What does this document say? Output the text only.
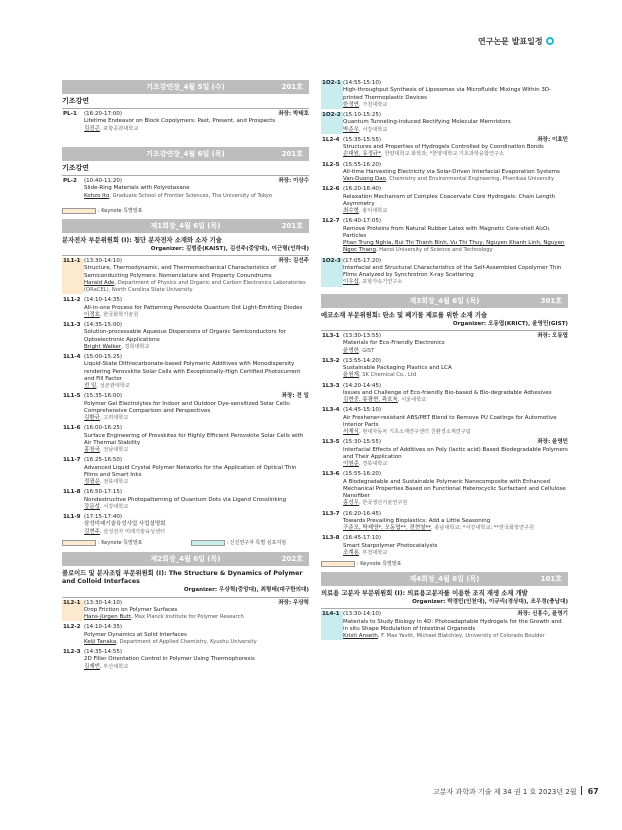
연구논문 발표일정
기조강연장_4월 5일 (수)	201호
기조강연
PL-1	(16:20-17:00)	좌장: 박태호
Lifetime Endeavor on Block Copolymers: Past, Present, and Prospects
김진곤, 포항공과대학교
기조강연장_4월 6일 (목)	201호
기조강연
PL-2	(10:40-11:20)	좌장: 이상수
Slide-Ring Materials with Polyrotaxane
Kohzo Ito, Graduate School of Frontier Sciences, The University of Tokyo
: Keynote 특별발표
제1회장_4월 6일 (목)	201호
분자전자 부문위원회 (I): 첨단 분자전자 소재와 소자 기술
Organizer: 김범준(KAIST), 김선주(중앙대), 이근형(인하대)
1L1-1 (13:30-14:10)	좌장: 김선주
Structure, Thermodynamic, and Thermomechanical Characteristics of Semiconducting Polymers: Nomenclature and Property Conundrums
Harald Ade, Department of Physics and Organic and Carbon Electronics Laboratories (ORaCEL), North Carolina State University
1L1-2 (14:10-14:35)
All-in-one Process for Patterning Perovskite Quantum Dot Light-Emitting Diodes
이정호, 한국화학기술원
1L1-3 (14:35-15:00)
Solution-processable Aqueous Dispersions of Organic Semiconductors for Optoelectronic Applications
Bright Walker, 경희대학교
1L1-4 (15:00-15:25)
Liquid-State Dithiocarbonate-based Polymeric Additives with Monodispersity rendering Perovskite Solar Cells with Exceptionally-High Certified Photocurrent and Fill Factor
전 일, 성균관대학교
1L1-5 (15:35-16:00)	좌장: 전 일
Polymer Gel Electrolytes for Indoor and Outdoor Dye-sensitized Solar Cells: Comprehensive Comparison and Perspectives
김환규, 고려대학교
1L1-6 (16:00-16:25)
Surface Engineering of Provskites for Highly Efficient Perovskite Solar Cells with Air Thermal Stability
홍창국, 전남대학교
1L1-7 (16:25-16:50)
Advanced Liquid Crystal Polymer Networks for the Application of Optical Thin Films and Smart Inks
정광운, 전북대학교
1L1-8 (16:50-17:15)
Nondestructive Photopatterning of Quantum Dots via Ligand Crosslinking
강문성, 서강대학교
1L1-9 (17:15-17:40)
삼성미래기술육성사업 사업설명회
김현주, 삼성전자 미래기술육성센터
: Keynote 특별발표	: 신진연구자 특별 심포지엄
제2회장_4월 6일 (목)	202호
콜로이드 및 분자조립 부문위원회 (I): The Structure & Dynamics of Polymer and Colloid Interfaces
Organizer: 우상혁(중앙대), 최형태(대구한의대)
1L2-1 (13:30-14:10)	좌장: 우상혁
Drop Friction on Polymer Surfaces
Hans-Jürgen Butt, Max Planck Institute for Polymer Research
1L2-2 (14:10-14:35)
Polymer Dynamics at Solid Interfaces
Keiji Tanaka, Department of Applied Chemistry, Kyushu University
1L2-3 (14:35-14:55)
2D Filler Orientation Control in Polymer Using Thermophoresis
김재빈, 부산대학교
1O2-1 (14:55-15:10)
High-throughput Synthesis of Liposomes via Microfluidic Mixings Within 3D-printed Thermoplastic Devices
한정연, 가천대학교
1O2-2 (15:10-15:25)
Quantum Tunneling-induced Rectifying Molecular Memristors
박준우, 서강대학교
1L2-4 (15:35-15:55)	좌장: 이효민
Structures and Properties of Hydrogels Controlled by Coordination Bonds
손대원, 유정규*, 한양대학교 화학과; *한양대학교 기초과학융합연구소
1L2-5 (15:55-16:20)
All-time Harvesting Electricity via Solar-Driven Interfacial Evaporation Systems
Van-Duong Dao, Chemistry and Environmental Engineering, Phenikaa University
1L2-6 (16:20-16:40)
Relaxation Mechanism of Complex Coacervate Core Hydrogels: Chain Length Asymmetry
최수형, 홍익대학교
1L2-7 (16:40-17:05)
Remove Proteins from Natural Rubber Latex with Magnetic Core-shell Al₂O₃ Particles
Phan Trung Nghia, Bui Thi Thanh Binh, Vu Thi Thuy, Nguyen Khanh Linh, Nguyen Ngoc Thang, Hanoi University of Science and Technology
1O2-3 (17:05-17:20)
Interfacial and Structural Characteristics of the Self-Assembled Copolymer Thin Films Analyzed by Synchrotron X-ray Scattering
이우섭, 포항가속기연구소
제3회장_4월 6일 (목)	301호
에코소재 부문위원회: 탄소 및 폐기물 제로를 위한 소재 기술
Organizer: 오동엽(KRICT), 윤영민(GIST)
1L3-1 (13:30-13:55)	좌장: 오동엽
Materials for Eco-Friendly Electronics
윤명한, GIST
1L3-2 (13:55-14:20)
Sustainable Packaging Plastics and LCA
윤원재, SK Chemical Co., Ltd
1L3-3 (14:20-14:45)
Issues and Challenge of Eco-friendly Bio-based & Bio-degradable Adhesives
김현중, 류광현, 곽호욱, 서울대학교
1L3-4 (14:45-15:10)
Air Freshener-resistant ABS/PBT Blend to Remove PU Coatings for Automotive Interior Parts
서재식, 현대자동차 기초소재연구센터 친환경소재연구팀
1L3-5 (15:30-15:55)	좌장: 윤영민
Interfacial Effects of Additives on Poly (lactic acid) Based Biodegradable Polymers and Their Application
이원준, 경북대학교
1L3-6 (15:55-16:20)
A Biodegradable and Sustainable Polymeric Nanocomposite with Enhanced Mechanical Properties Based on Functional Heterocyclic Surfactant and Cellulose Nanofiber
홍성우, 한국생산기술연구원
1L3-7 (16:20-16:45)
Towards Prevailing Bioplastics: Add a Little Seasoning
구준모, 박제영*, 오동엽**, 전현열**, 충남대학교; *서강대학교; **한국화학연구원
1L3-8 (16:45-17:10)
Smart Starpolymer Photocatalysts
조계용, 부경대학교
: Keynote 특별발표
제4회장_4월 6일 (목)	101호
의료용 고분자 부문위원회 (I): 의료용고분자를 이용한 조직 재생 소재 개발
Organizer: 박경민(인천대), 이규리(경상대), 조우정(충남대)
1L4-1 (13:30-14:10)	좌장: 신흥수, 윤영기
Materials to Study Biology in 4D: Photoadaptable Hydrogels for the Growth and in situ Shape Modulation of Intestinal Organoids
Kristi Anseth, F. Max Yavitt, Michael Blatchley, University of Colorado Boulder
고분자 과학과 기술 제 34 권 1 호 2023년 2월 67
